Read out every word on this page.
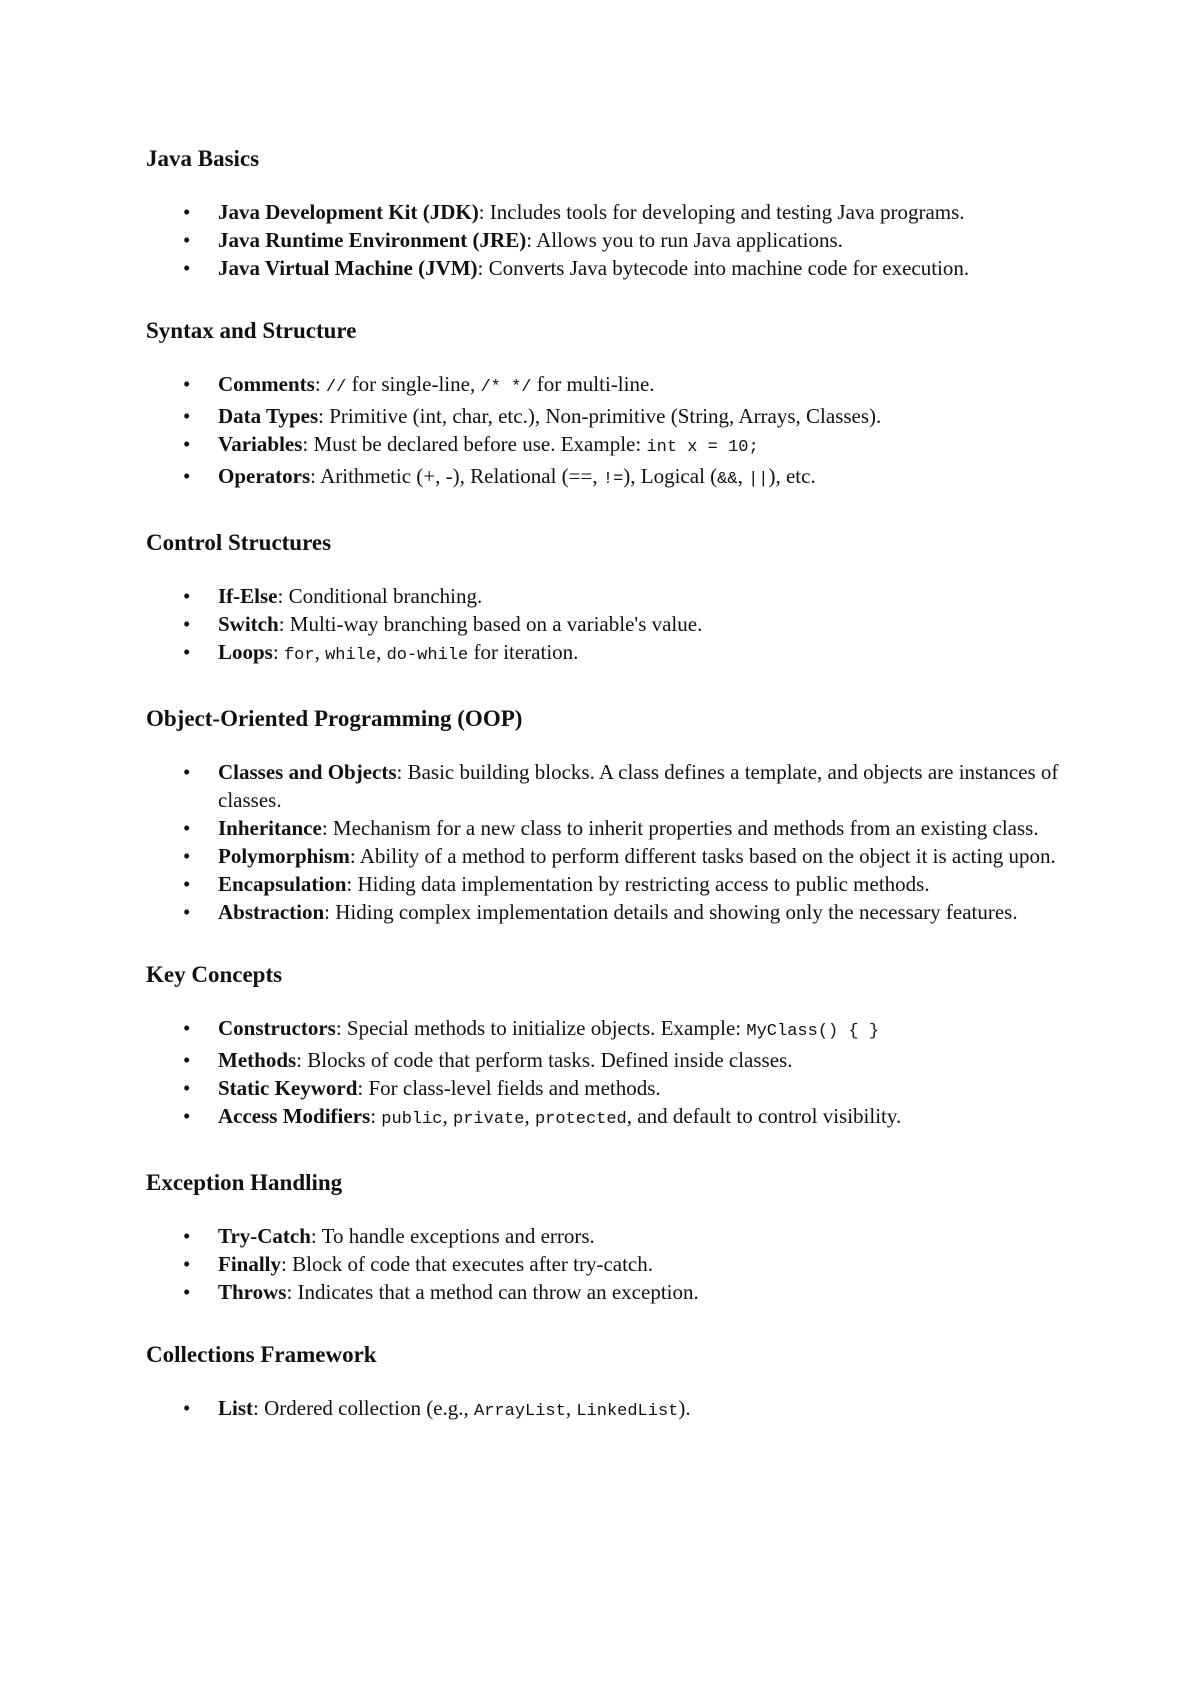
Java Basics
• Java Development Kit (JDK): Includes tools for developing and testing Java programs.
• Java Runtime Environment (JRE): Allows you to run Java applications.
• Java Virtual Machine (JVM): Converts Java bytecode into machine code for execution.
Syntax and Structure
• Comments: // for single-line, /* */ for multi-line.
• Data Types: Primitive (int, char, etc.), Non-primitive (String, Arrays, Classes).
• Variables: Must be declared before use. Example: int x = 10;
• Operators: Arithmetic (+, -), Relational (==, !=), Logical (&&, ||), etc.
Control Structures
• If-Else: Conditional branching.
• Switch: Multi-way branching based on a variable's value.
• Loops: for, while, do-while for iteration.
Object-Oriented Programming (OOP)
• Classes and Objects: Basic building blocks. A class defines a template, and objects are instances of classes.
• Inheritance: Mechanism for a new class to inherit properties and methods from an existing class.
• Polymorphism: Ability of a method to perform different tasks based on the object it is acting upon.
• Encapsulation: Hiding data implementation by restricting access to public methods.
• Abstraction: Hiding complex implementation details and showing only the necessary features.
Key Concepts
• Constructors: Special methods to initialize objects. Example: MyClass() { }
• Methods: Blocks of code that perform tasks. Defined inside classes.
• Static Keyword: For class-level fields and methods.
• Access Modifiers: public, private, protected, and default to control visibility.
Exception Handling
• Try-Catch: To handle exceptions and errors.
• Finally: Block of code that executes after try-catch.
• Throws: Indicates that a method can throw an exception.
Collections Framework
• List: Ordered collection (e.g., ArrayList, LinkedList).
